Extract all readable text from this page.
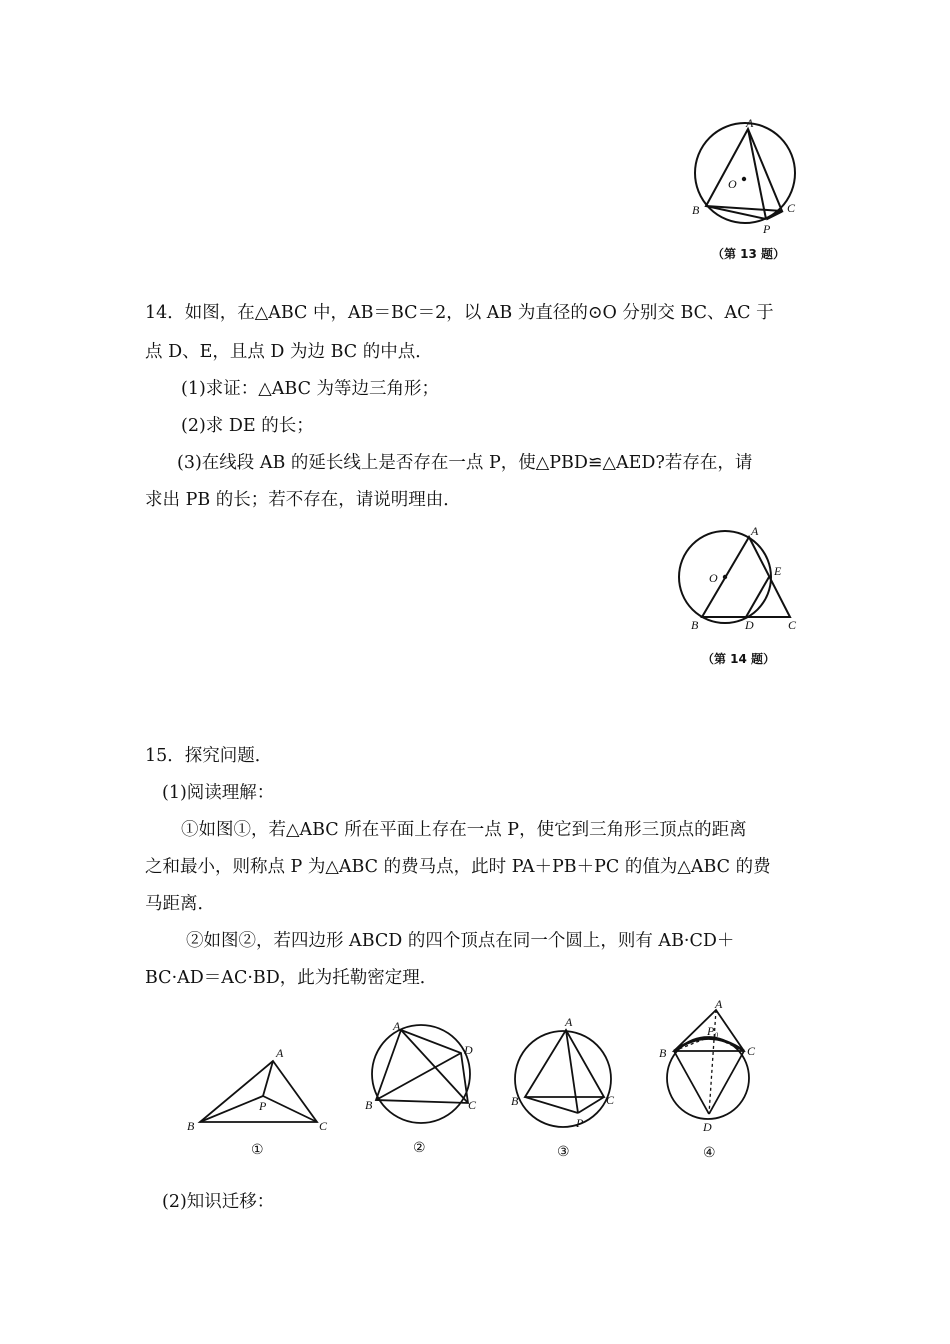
A
O
B	C
P
（第 13 题）
14．如图，在△ABC 中，AB＝BC＝2，以 AB 为直径的⊙O 分别交 BC、AC 于
点 D、E，且点 D 为边 BC 的中点．
(1)求证：△ABC 为等边三角形；
(2)求 DE 的长；
(3)在线段 AB 的延长线上是否存在一点 P，使△PBD≌△AED?若存在，请
求出 PB 的长；若不存在，请说明理由．
A
O	E
B	D	C
（第 14 题）
15．探究问题．
(1)阅读理解：
①如图①，若△ABC 所在平面上存在一点 P，使它到三角形三顶点的距离
之和最小，则称点 P 为△ABC 的费马点，此时 PA＋PB＋PC 的值为△ABC 的费
马距离．
②如图②，若四边形 ABCD 的四个顶点在同一个圆上，则有 AB·CD＋
BC·AD＝AC·BD，此为托勒密定理．
A
P
B	C
①
A
D
B	C
②
A
B	C
P
③
A
P₀
B	C
D
④
(2)知识迁移：
